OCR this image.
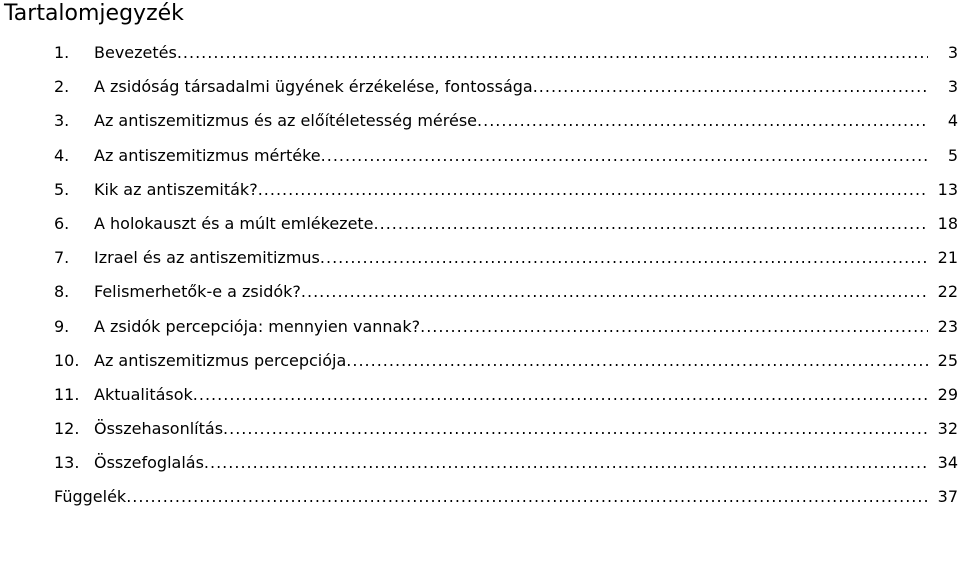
Tartalomjegyzék
1.	Bevezetés .....	3
2.	A zsidóság társadalmi ügyének érzékelése, fontossága .....	3
3.	Az antiszemitizmus és az előítéletesség mérése .....	4
4.	Az antiszemitizmus mértéke .....	5
5.	Kik az antiszemiták? .....	13
6.	A holokauszt és a múlt emlékezete .....	18
7.	Izrael és az antiszemitizmus .....	21
8.	Felismerhetők-e a zsidók? .....	22
9.	A zsidók percepciója: mennyien vannak? .....	23
10. Az antiszemitizmus percepciója .....	25
11. Aktualitások .....	29
12. Összehasonlítás .....	32
13. Összefoglalás .....	34
Függelék .....	37
